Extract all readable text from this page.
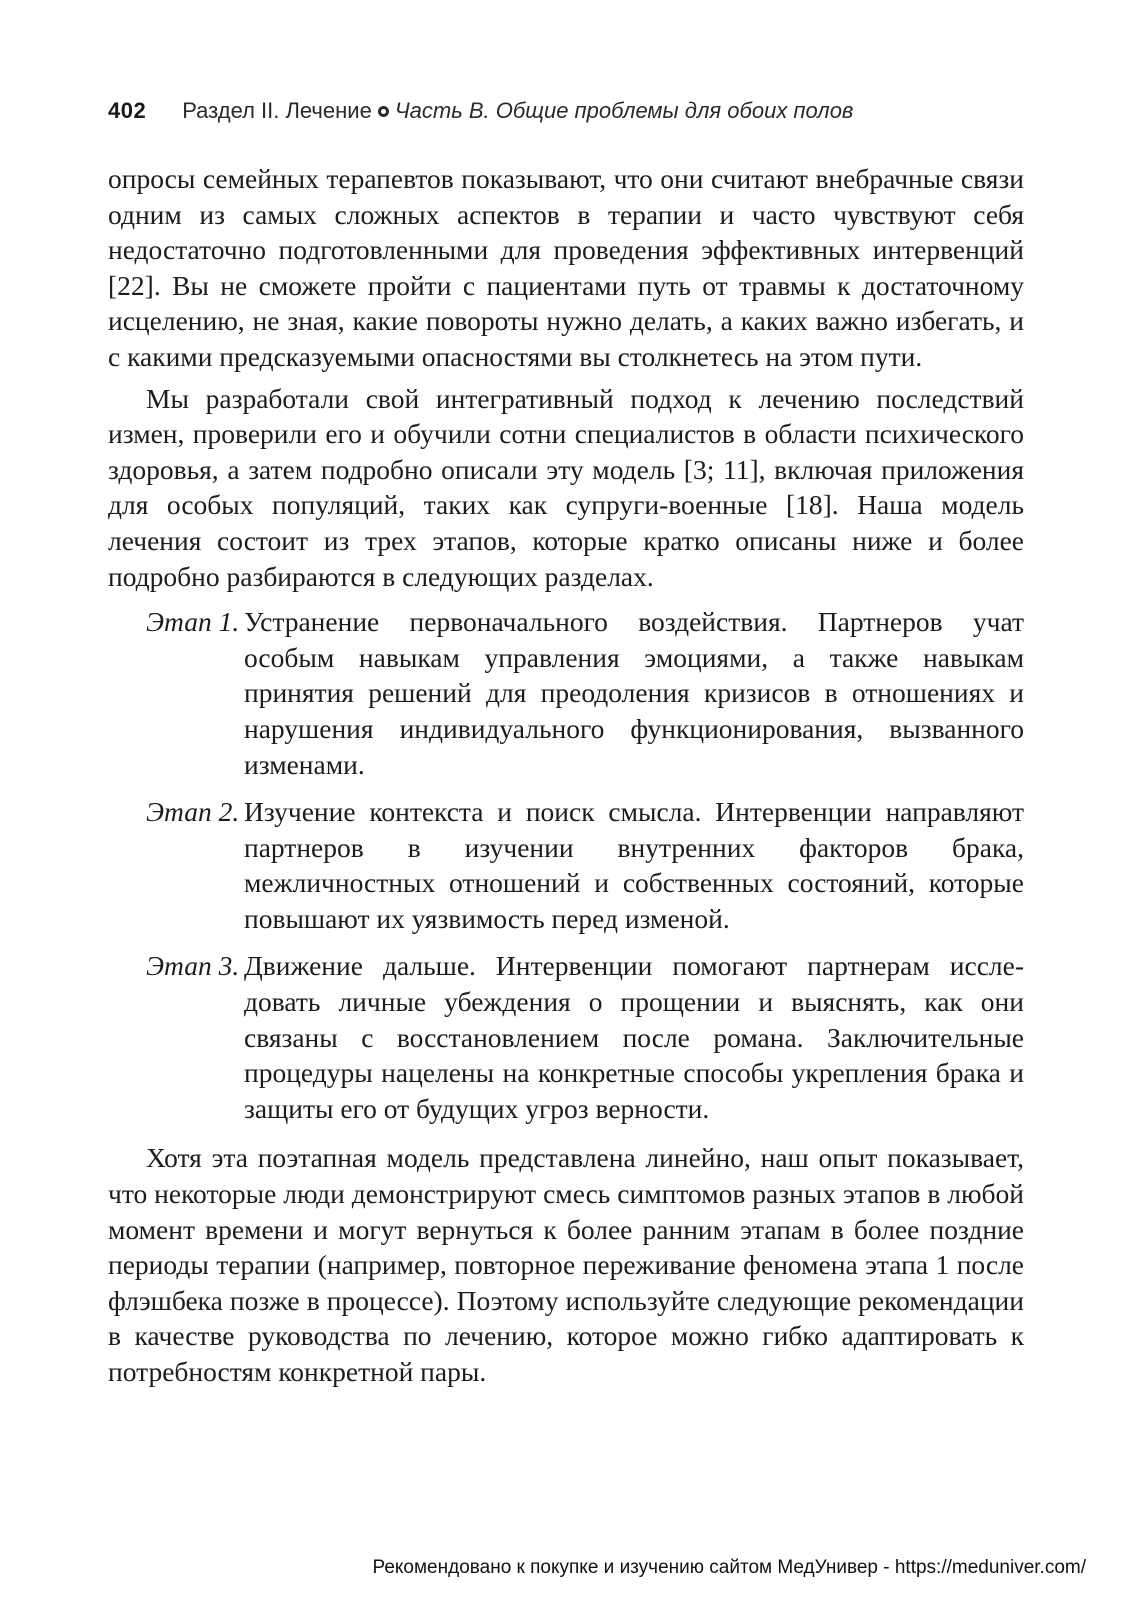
402 Раздел II. Лечение Часть B. Общие проблемы для обоих полов

опросы семейных терапевтов показывают, что они считают внебрачные связи одним из самых сложных аспектов в терапии и часто чувствуют себя недостаточно подготовленными для проведения эффективных интервенций [22]. Вы не сможете пройти с пациентами путь от травмы к достаточному исцелению, не зная, какие повороты нужно делать, а каких важно избегать, и с какими предсказуемыми опасностями вы столкнетесь на этом пути.

Мы разработали свой интегративный подход к лечению последствий измен, проверили его и обучили сотни специалистов в области психического здоровья, а затем подробно описали эту модель [3; 11], включая приложения для особых популяций, таких как супруги-военные [18]. Наша модель лечения состоит из трех этапов, которые кратко описаны ниже и более подробно разбираются в следующих разделах.

Этап 1. Устранение первоначального воздействия. Партнеров учат особым навыкам управления эмоциями, а также навыкам принятия решений для преодоления кризисов в отношениях и нарушения индивидуального функционирования, вызванного изменами.

Этап 2. Изучение контекста и поиск смысла. Интервенции направляют партнеров в изучении внутренних факторов брака, межличностных отношений и собственных состояний, которые повышают их уязвимость перед изменой.

Этап 3. Движение дальше. Интервенции помогают партнерам исследовать личные убеждения о прощении и выяснять, как они связаны с восстановлением после романа. Заключительные процедуры нацелены на конкретные способы укрепления брака и защиты его от будущих угроз верности.

Хотя эта поэтапная модель представлена линейно, наш опыт показывает, что некоторые люди демонстрируют смесь симптомов разных этапов в любой момент времени и могут вернуться к более ранним этапам в более поздние периоды терапии (например, повторное переживание феномена этапа 1 после флэшбека позже в процессе). Поэтому используйте следующие рекомендации в качестве руководства по лечению, которое можно гибко адаптировать к потребностям конкретной пары.

Рекомендовано к покупке и изучению сайтом МедУнивер - https://meduniver.com/
